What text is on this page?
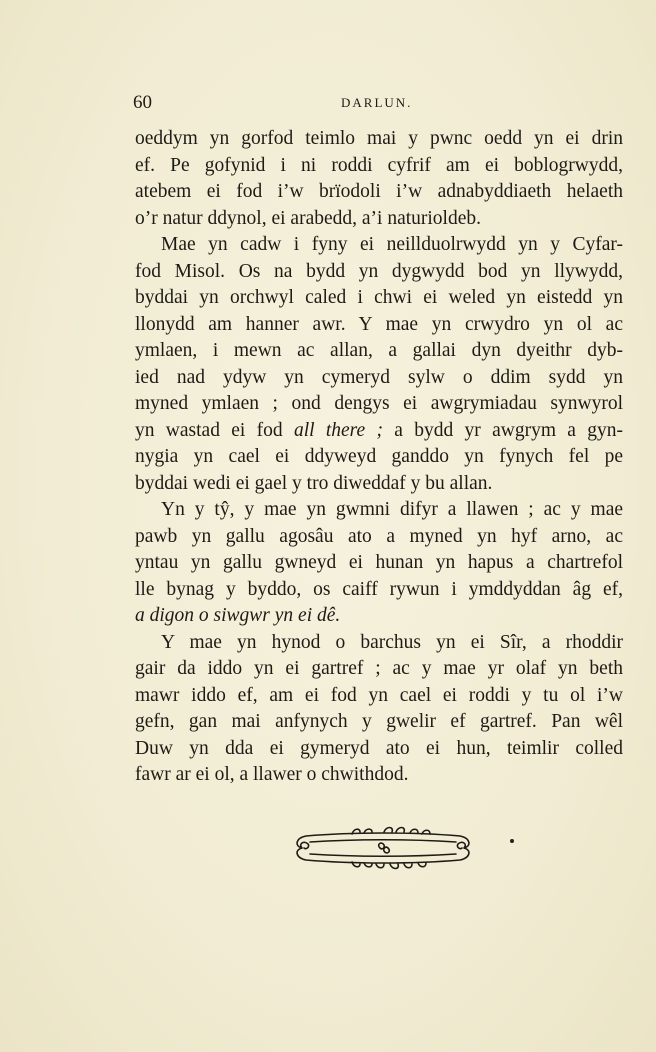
60	DARLUN.

oeddym yn gorfod teimlo mai y pwnc oedd yn ei drin
ef. Pe gofynid i ni roddi cyfrif am ei boblogrwydd,
atebem ei fod i’w brïodoli i’w adnabyddiaeth helaeth
o’r natur ddynol, ei arabedd, a’i naturioldeb.

Mae yn cadw i fyny ei neillduolrwydd yn y Cyfar-
fod Misol. Os na bydd yn dygwydd bod yn llywydd,
byddai yn orchwyl caled i chwi ei weled yn eistedd yn
llonydd am hanner awr. Y mae yn crwydro yn ol ac
ymlaen, i mewn ac allan, a gallai dyn dyeithr dyb-
ied nad ydyw yn cymeryd sylw o ddim sydd yn
myned ymlaen ; ond dengys ei awgrymiadau synwyrol
yn wastad ei fod all there ; a bydd yr awgrym a gyn-
nygia yn cael ei ddyweyd ganddo yn fynych fel pe
byddai wedi ei gael y tro diweddaf y bu allan.

Yn y tŷ, y mae yn gwmni difyr a llawen ; ac y mae
pawb yn gallu agosâu ato a myned yn hyf arno, ac
yntau yn gallu gwneyd ei hunan yn hapus a chartrefol
lle bynag y byddo, os caiff rywun i ymddyddan âg ef,
a digon o siwgwr yn ei dê.

Y mae yn hynod o barchus yn ei Sîr, a rhoddir
gair da iddo yn ei gartref ; ac y mae yr olaf yn beth
mawr iddo ef, am ei fod yn cael ei roddi y tu ol i’w
gefn, gan mai anfynych y gwelir ef gartref. Pan wêl
Duw yn dda ei gymeryd ato ei hun, teimlir colled
fawr ar ei ol, a llawer o chwithdod.
